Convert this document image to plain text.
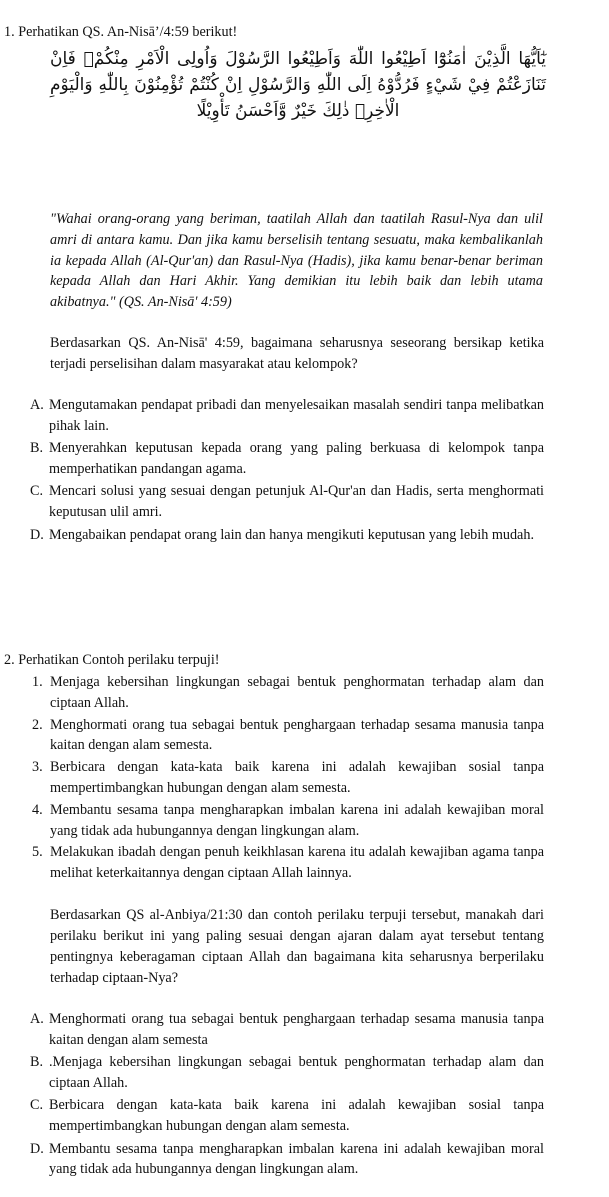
1. Perhatikan QS. An-Nisā’/4:59 berikut!
يٰٓاَيُّهَا الَّذِيْنَ اٰمَنُوْٓا اَطِيْعُوا اللّٰهَ وَاَطِيْعُوا الرَّسُوْلَ وَاُولِى الْاَمْرِ مِنْكُمْۚ فَاِنْ تَنَازَعْتُمْ فِيْ شَيْءٍ فَرُدُّوْهُ اِلَى اللّٰهِ وَالرَّسُوْلِ اِنْ كُنْتُمْ تُؤْمِنُوْنَ بِاللّٰهِ وَالْيَوْمِ الْاٰخِرِۗ ذٰلِكَ خَيْرٌ وَّاَحْسَنُ تَأْوِيْلًا
"Wahai orang-orang yang beriman, taatilah Allah dan taatilah Rasul-Nya dan ulil amri di antara kamu. Dan jika kamu berselisih tentang sesuatu, maka kembalikanlah ia kepada Allah (Al-Qur'an) dan Rasul-Nya (Hadis), jika kamu benar-benar beriman kepada Allah dan Hari Akhir. Yang demikian itu lebih baik dan lebih utama akibatnya." (QS. An-Nisā' 4:59)
Berdasarkan QS. An-Nisā' 4:59, bagaimana seharusnya seseorang bersikap ketika terjadi perselisihan dalam masyarakat atau kelompok?
A. Mengutamakan pendapat pribadi dan menyelesaikan masalah sendiri tanpa melibatkan pihak lain.
B. Menyerahkan keputusan kepada orang yang paling berkuasa di kelompok tanpa memperhatikan pandangan agama.
C. Mencari solusi yang sesuai dengan petunjuk Al-Qur'an dan Hadis, serta menghormati keputusan ulil amri.
D. Mengabaikan pendapat orang lain dan hanya mengikuti keputusan yang lebih mudah.
2. Perhatikan Contoh perilaku terpuji!
1. Menjaga kebersihan lingkungan sebagai bentuk penghormatan terhadap alam dan ciptaan Allah.
2. Menghormati orang tua sebagai bentuk penghargaan terhadap sesama manusia tanpa kaitan dengan alam semesta.
3. Berbicara dengan kata-kata baik karena ini adalah kewajiban sosial tanpa mempertimbangkan hubungan dengan alam semesta.
4. Membantu sesama tanpa mengharapkan imbalan karena ini adalah kewajiban moral yang tidak ada hubungannya dengan lingkungan alam.
5. Melakukan ibadah dengan penuh keikhlasan karena itu adalah kewajiban agama tanpa melihat keterkaitannya dengan ciptaan Allah lainnya.
Berdasarkan QS al-Anbiya/21:30 dan contoh perilaku terpuji tersebut, manakah dari perilaku berikut ini yang paling sesuai dengan ajaran dalam ayat tersebut tentang pentingnya keberagaman ciptaan Allah dan bagaimana kita seharusnya berperilaku terhadap ciptaan-Nya?
A. Menghormati orang tua sebagai bentuk penghargaan terhadap sesama manusia tanpa kaitan dengan alam semesta
B. .Menjaga kebersihan lingkungan sebagai bentuk penghormatan terhadap alam dan ciptaan Allah.
C. Berbicara dengan kata-kata baik karena ini adalah kewajiban sosial tanpa mempertimbangkan hubungan dengan alam semesta.
D. Membantu sesama tanpa mengharapkan imbalan karena ini adalah kewajiban moral yang tidak ada hubungannya dengan lingkungan alam.
